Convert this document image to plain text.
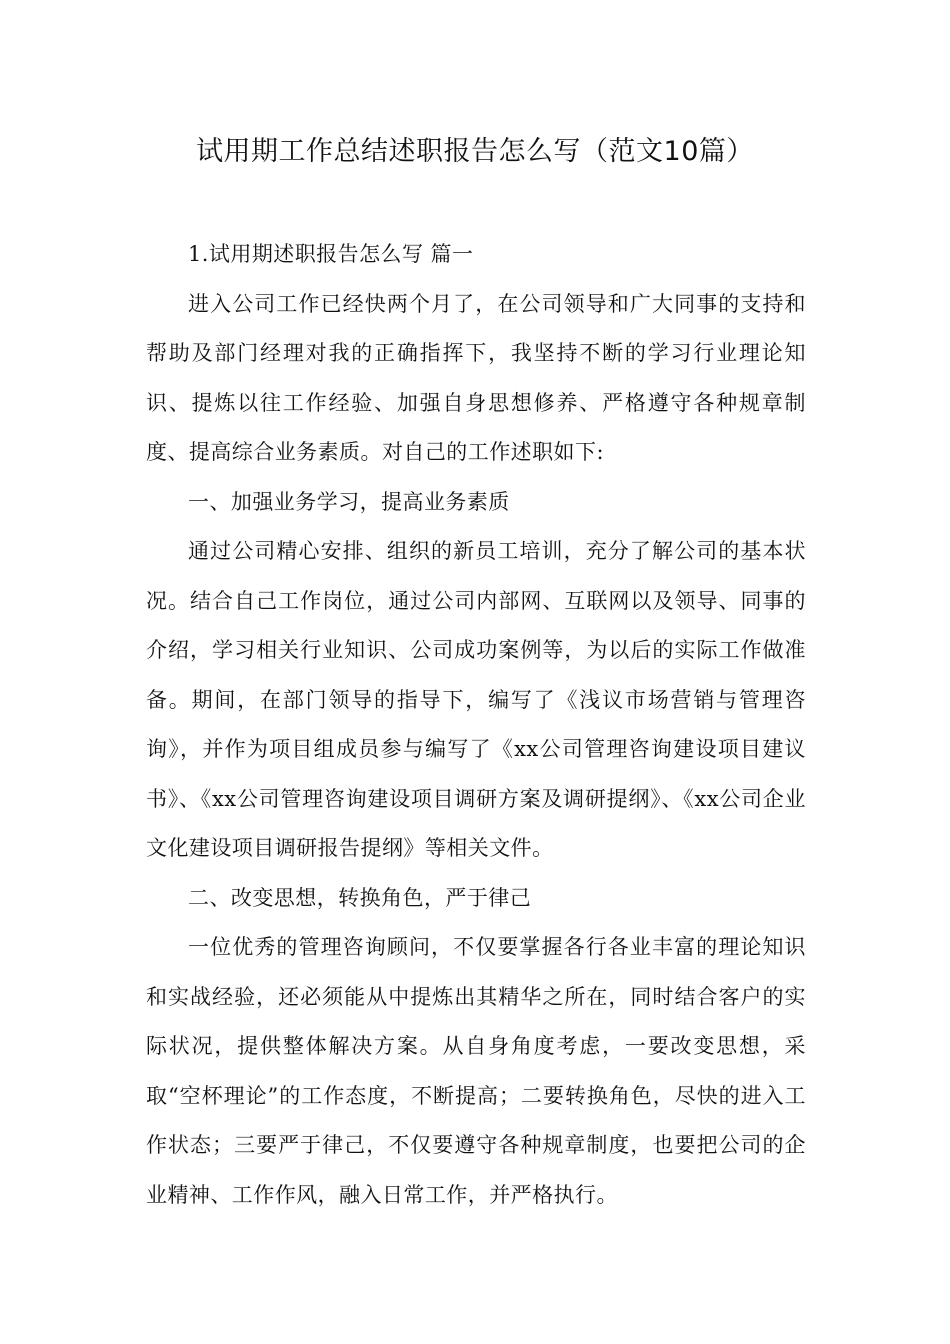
试用期工作总结述职报告怎么写（范文10篇）

1.试用期述职报告怎么写 篇一

进入公司工作已经快两个月了，在公司领导和广大同事的支持和帮助及部门经理对我的正确指挥下，我坚持不断的学习行业理论知识、提炼以往工作经验、加强自身思想修养、严格遵守各种规章制度、提高综合业务素质。对自己的工作述职如下:

一、加强业务学习，提高业务素质

通过公司精心安排、组织的新员工培训，充分了解公司的基本状况。结合自己工作岗位，通过公司内部网、互联网以及领导、同事的介绍，学习相关行业知识、公司成功案例等，为以后的实际工作做准备。期间，在部门领导的指导下，编写了《浅议市场营销与管理咨询》，并作为项目组成员参与编写了《xx公司管理咨询建设项目建议书》、《xx公司管理咨询建设项目调研方案及调研提纲》、《xx公司企业文化建设项目调研报告提纲》等相关文件。

二、改变思想，转换角色，严于律己

一位优秀的管理咨询顾问，不仅要掌握各行各业丰富的理论知识和实战经验，还必须能从中提炼出其精华之所在，同时结合客户的实际状况，提供整体解决方案。从自身角度考虑，一要改变思想，采取“空杯理论”的工作态度，不断提高；二要转换角色，尽快的进入工作状态；三要严于律己，不仅要遵守各种规章制度，也要把公司的企业精神、工作作风，融入日常工作，并严格执行。
